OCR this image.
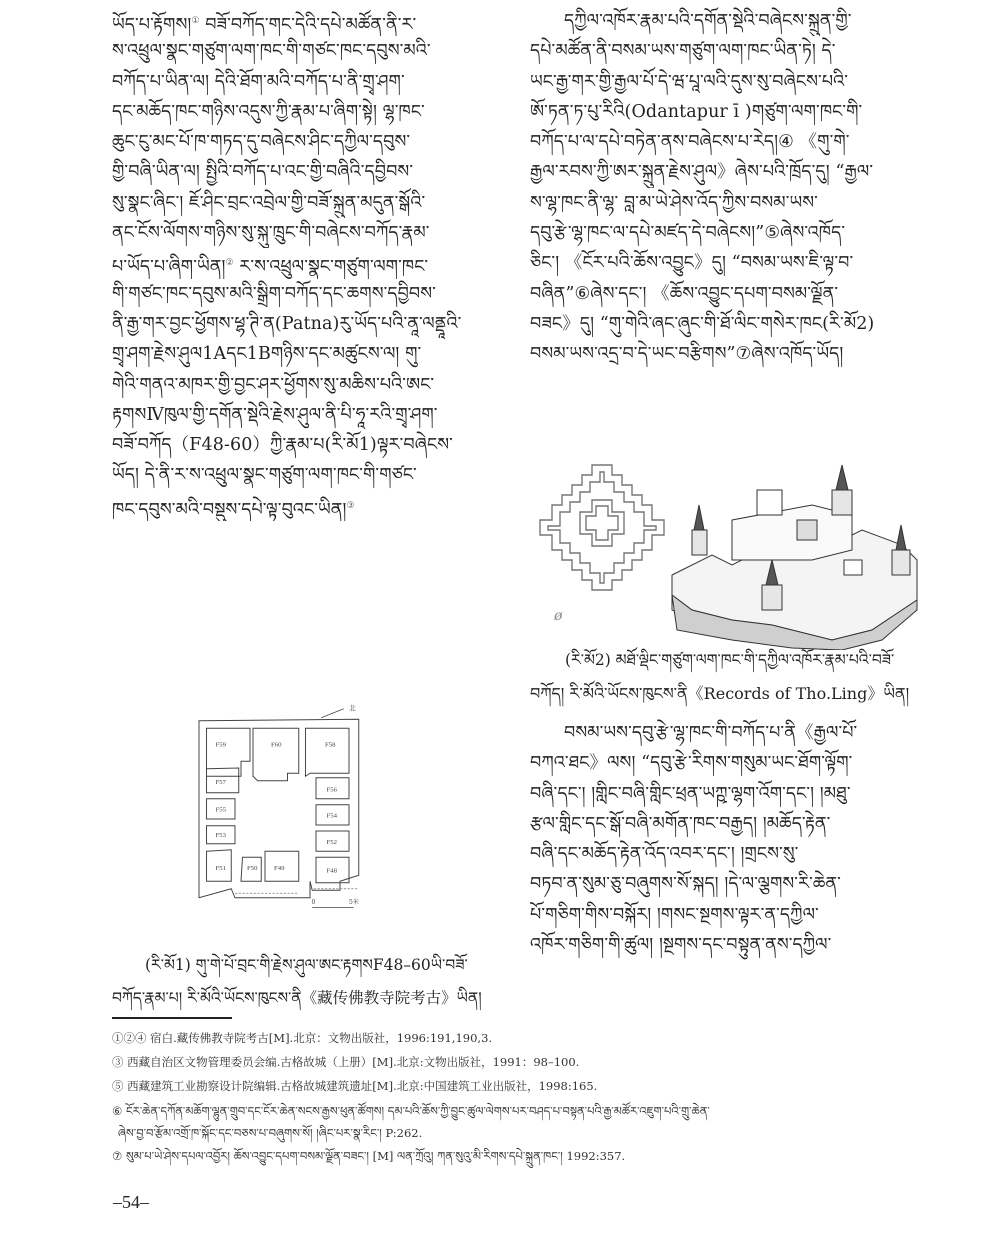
ཡོད་པ་རྟོགས།① བཟོ་བཀོད་གང་དེའི་དཔེ་མཚོན་ནི་ར་
ས་འཕྲུལ་སྣང་གཙུག་ལག་ཁང་གི་གཙང་ཁང་དབུས་མའི་
བཀོད་པ་ཡིན་ལ། དེའི་ཐོག་མའི་བཀོད་པ་ནི་གྲྭ་ཤག་
དང་མཆོད་ཁང་གཉིས་འདུས་ཀྱི་རྣམ་པ་ཞིག་སྟེ། ལྷ་ཁང་
ཆུང་ངུ་མང་པོ་ཁ་གཏད་དུ་བཞེངས་ཤིང་དཀྱིལ་དབུས་
གྱི་བཞི་ཡིན་ལ། སྤྱིའི་བཀོད་པ་འང་གྱི་བཞིའི་དབྱིབས་
སུ་སྣང་ཞིང་། ཇོ་ཤིང་བྲང་འབྲེལ་གྱི་བཟོ་སྐྲུན་མདུན་སྒོའི་
ནང་ངོས་ལོགས་གཉིས་སུ་སྐུ་ཁྲུང་གི་བཞེངས་བཀོད་རྣམ་
པ་ཡོད་པ་ཞིག་ཡིན།② ར་ས་འཕྲུལ་སྣང་གཙུག་ལག་ཁང་
གི་གཙང་ཁང་དབུས་མའི་སྒྲིག་བཀོད་དང་ཆགས་དབྱིབས་
ནི་རྒྱ་གར་བྱང་ཕྱོགས་ཕྷ་ཊི་ན(Patna)རུ་ཡོད་པའི་ནཱ་ལནྡཱའི་
གྲྭ་ཤག་རྗེས་ཤུལ1Aདང1Bགཉིས་དང་མཚུངས་ལ། གུ་
གེའི་གནའ་མཁར་གྱི་བྱང་ཤར་ཕྱོགས་སུ་མཆིས་པའི་ཨང་
རྟགསⅣཁུལ་གྱི་དགོན་སྡེའི་རྗེས་ཤུལ་ནི་པི་ཧཱ་རའི་གྲྭ་ཤག་
བཟོ་བཀོད（F48-60）ཀྱི་རྣམ་པ(རི་མོ1)ལྟར་བཞེངས་
ཡོད། དེ་ནི་ར་ས་འཕྲུལ་སྣང་གཙུག་ལག་ཁང་གི་གཙང་
ཁང་དབུས་མའི་བསྡུས་དཔེ་ལྟ་བུའང་ཡིན།③
དཀྱིལ་འཁོར་རྣམ་པའི་དགོན་སྡེའི་བཞེངས་སྐྲུན་གྱི་
དཔེ་མཚོན་ནི་བསམ་ཡས་གཙུག་ལག་ཁང་ཡིན་ཏེ། དེ་
ཡང་རྒྱ་གར་གྱི་རྒྱལ་པོ་དེ་ཝ་པཱ་ལའི་དུས་སུ་བཞེངས་པའི་
ཨོ་ཏན་ཏ་པུ་རིའི(Odantapur ī )གཙུག་ལག་ཁང་གི་
བཀོད་པ་ལ་དཔེ་བཏེན་ནས་བཞེངས་པ་རེད།④ 《གུ་གེ་
རྒྱལ་རབས་ཀྱི་ཨར་སྐྲུན་རྗེས་ཤུལ》ཞེས་པའི་ཁྲོད་དུ། “རྒྱལ་
ས་ལྷ་ཁང་ནི་ལྷ་ བླ་མ་ཡེ་ཤེས་འོད་ཀྱིས་བསམ་ཡས་
དབུ་རྩེ་ལྷ་ཁང་ལ་དཔེ་མཛད་དེ་བཞེངས།”⑤ཞེས་འཁོད་
ཅིང་། 《ངོར་པའི་ཆོས་འབྱུང》དུ། “བསམ་ཡས་ཇི་ལྟ་བ་
བཞིན”⑥ཞེས་དང་། 《ཆོས་འབྱུང་དཔག་བསམ་ལྗོན་
བཟང》དུ། “གུ་གེའི་ཞང་ཞུང་གི་ཐོ་ལིང་གསེར་ཁང(རི་མོ2)
བསམ་ཡས་འདྲ་བ་དེ་ཡང་བརྩིགས”⑦ཞེས་འཁོད་ཡོད།
ø
(རི་མོ2) མཐོ་ལྡིང་གཙུག་ལག་ཁང་གི་དཀྱིལ་འཁོར་རྣམ་པའི་བཟོ་
བཀོད། རི་མོའི་ཡོངས་ཁུངས་ནི《Records of Tho.Ling》ཡིན།
བསམ་ཡས་དབུ་རྩེ་ལྷ་ཁང་གི་བཀོད་པ་ནི《རྒྱལ་པོ་
བཀའ་ཐང》ལས། “དབུ་རྩེ་རིགས་གསུམ་ཡང་ཐོག་ལྟོག་
བཞི་དང་། །གླིང་བཞི་གླིང་ཕྲན་ཡཀྵ་ལྷག་འོག་དང་། །མཐུ་
རྩལ་གླིང་དང་སྒོ་བཞི་མགོན་ཁང་བརྒྱད། །མཆོད་རྟེན་
བཞི་དང་མཆོད་རྟེན་འོད་འབར་དང་། །གྲངས་སུ་
བཏབ་ན་སུམ་ཅུ་བཞུགས་སོ་སྐད། །དེ་ལ་ལྕགས་རི་ཆེན་
པོ་གཅིག་གིས་བསྐོར། །གསང་སྔགས་ལྟར་ན་དཀྱིལ་
འཁོར་གཅིག་གི་ཚུལ། །སྔགས་དང་བསྟུན་ནས་དཀྱིལ་
F59	F60	F58
F57
F55
F53
F51 F50 F49
F56
F54
F52
F48
北
0	5米
(རི་མོ1) གུ་གེ་པོ་བྲང་གི་རྗེས་ཤུལ་ཨང་རྟགསF48–60ཡི་བཟོ་
བཀོད་རྣམ་པ། རི་མོའི་ཡོངས་ཁུངས་ནི《藏传佛教寺院考古》ཡིན།
①②④ 宿白.藏传佛教寺院考古[M].北京：文物出版社，1996:191,190,3.
③ 西藏自治区文物管理委员会编.古格故城（上册）[M].北京:文物出版社，1991：98–100.
⑤ 西藏建筑工业勘察设计院编辑.古格故城建筑遗址[M].北京:中国建筑工业出版社，1998:165.
⑥ ངོར་ཆེན་དཀོན་མཆོག་ལྷུན་གྲུབ་དང་ངོར་ཆེན་སངས་རྒྱས་ཕུན་ཚོགས། དམ་པའི་ཆོས་ཀྱི་བྱུང་ཚུལ་ལེགས་པར་བཤད་པ་བསྟན་པའི་རྒྱ་མཚོར་འཇུག་པའི་གྲུ་ཆེན་
ཞེས་བྱ་བ་རྩོམ་འགྲོ་ཁ་སྐོང་དང་བཅས་པ་བཞུགས་སོ། །ཞིང་པར་སྣ་རིང་། P:262.
⑦ སུམ་པ་ཡེ་ཤེས་དཔལ་འབྱོར། ཆོས་འབྱུང་དཔག་བསམ་ལྗོན་བཟང་། [M] ལན་ཀྲོའུ། ཀན་སུའུ་མི་རིགས་དཔེ་སྐྲུན་ཁང་། 1992:357.
–54–
